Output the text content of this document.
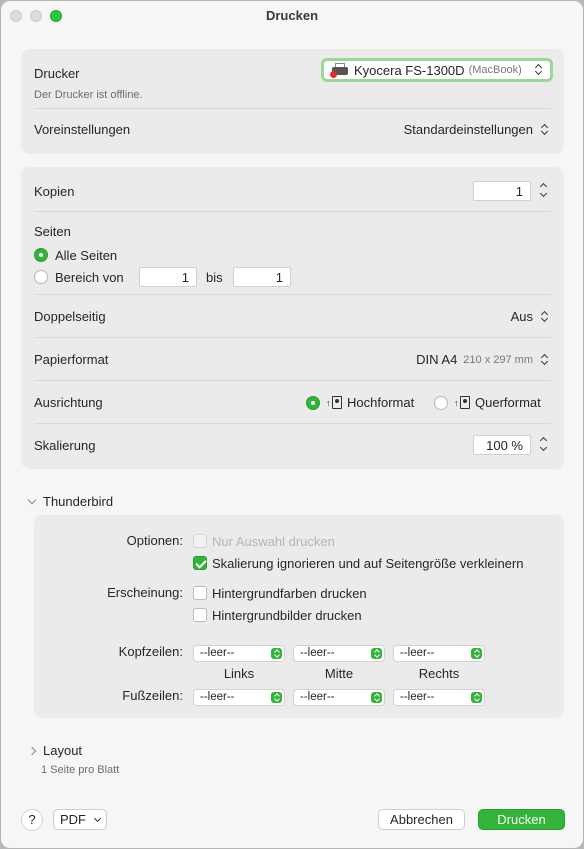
Drucken
Drucker	Kyocera FS-1300D (MacBook)
Der Drucker ist offline.
Voreinstellungen	Standardeinstellungen
Kopien	1
Seiten
Alle Seiten
Bereich von	1	bis	1
Doppelseitig	Aus
Papierformat	DIN A4 210 x 297 mm
Ausrichtung	↑ Hochformat	↑ Querformat
Skalierung	100 %
Thunderbird
Optionen: Nur Auswahl drucken
Skalierung ignorieren und auf Seitengröße verkleinern
Erscheinung: Hintergrundfarben drucken
Hintergrundbilder drucken
Kopfzeilen:	--leer--	--leer--	--leer--
Links	Mitte	Rechts
Fußzeilen:	--leer--	--leer--	--leer--
Layout
1 Seite pro Blatt
?	PDF	Abbrechen	Drucken
